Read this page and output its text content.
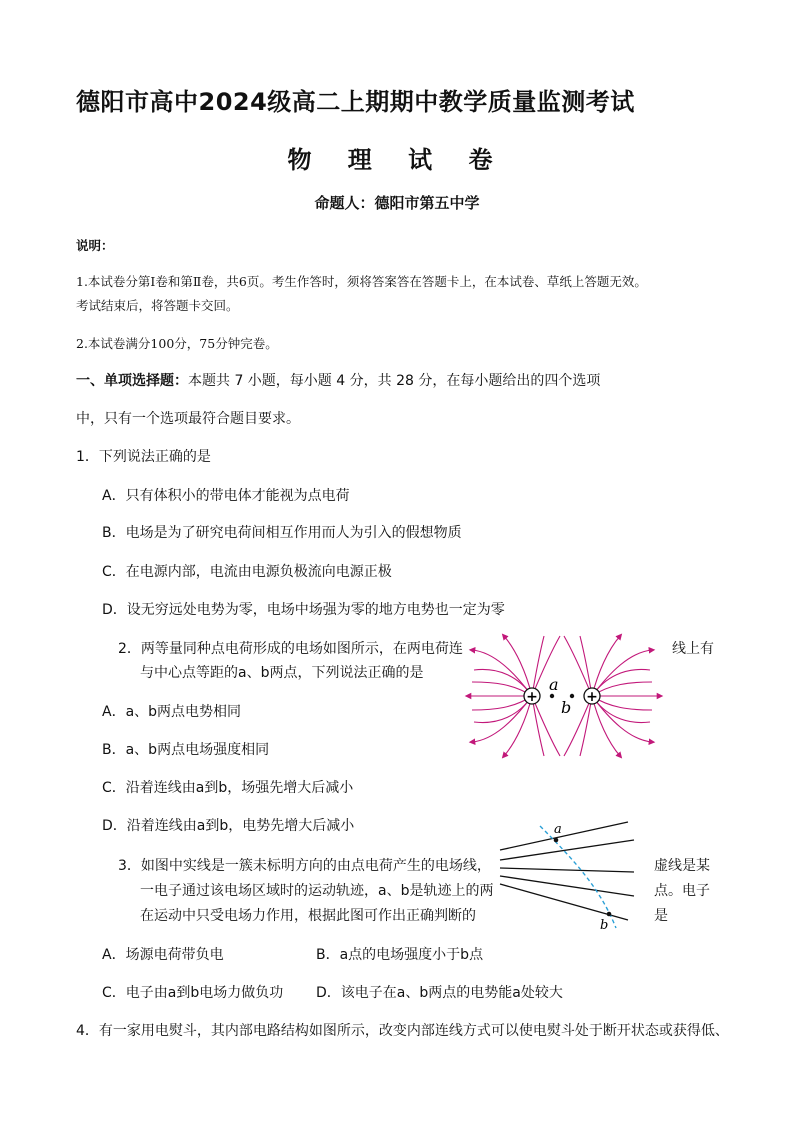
德阳市高中2024级高二上期期中教学质量监测考试
物 理 试 卷
命题人：德阳市第五中学
说明：
1.本试卷分第Ⅰ卷和第Ⅱ卷，共6页。考生作答时，须将答案答在答题卡上，在本试卷、草纸上答题无效。
考试结束后，将答题卡交回。
2.本试卷满分100分，75分钟完卷。
一、单项选择题：本题共 7 小题，每小题 4 分，共 28 分，在每小题给出的四个选项
中，只有一个选项最符合题目要求。
1．下列说法正确的是
A．只有体积小的带电体才能视为点电荷
B．电场是为了研究电荷间相互作用而人为引入的假想物质
C．在电源内部，电流由电源负极流向电源正极
D．设无穷远处电势为零，电场中场强为零的地方电势也一定为零
2．两等量同种点电荷形成的电场如图所示，在两电荷连	线上有
与中心点等距的a、b两点，下列说法正确的是
A．a、b两点电势相同
B．a、b两点电场强度相同
C．沿着连线由a到b，场强先增大后减小
D．沿着连线由a到b，电势先增大后减小
+	+
a
b
3．如图中实线是一簇未标明方向的由点电荷产生的电场线，	虚线是某
一电子通过该电场区域时的运动轨迹，a、b是轨迹上的两	点。电子
在运动中只受电场力作用，根据此图可作出正确判断的	是
A．场源电荷带负电	B．a点的电场强度小于b点
C．电子由a到b电场力做负功 D．该电子在a、b两点的电势能a处较大
a
b
4．有一家用电熨斗，其内部电路结构如图所示，改变内部连线方式可以使电熨斗处于断开状态或获得低、
